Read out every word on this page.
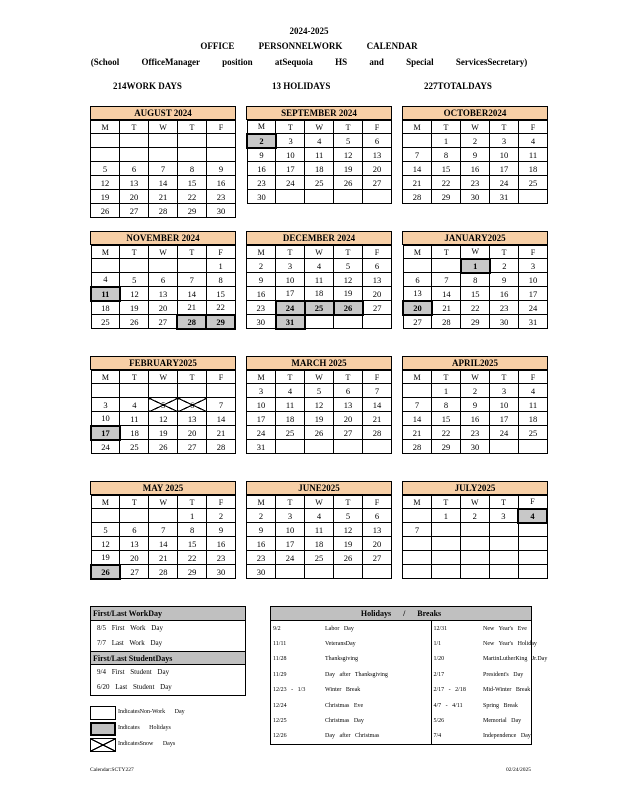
2024-2025
OFFICE PERSONNELWORK CALENDAR
(School OfficeManager position atSequoia HS and Special ServicesSecretary)
214WORK DAYS	13 HOLIDAYS	227TOTALDAYS
AUGUST 2024
M	T	W	T	F

5	6	7	8	9
12	13	14	15	16
19	20	21	22	23
26	27	28	29	30
SEPTEMBER 2024
M	T	W	T	F
2	3	4	5	6
9	10	11	12	13
16	17	18	19	20
23	24	25	26	27
30				
OCTOBER2024
M	T	W	T	F
	1	2	3	4
7	8	9	10	11
14	15	16	17	18
21	22	23	24	25
28	29	30	31	
NOVEMBER 2024
M	T	W	T	F
				1
4	5	6	7	8
11	12	13	14	15
18	19	20	21	22
25	26	27	28	29
DECEMBER 2024
M	T	W	T	F
2	3	4	5	6
9	10	11	12	13
16	17	18	19	20
23	24	25	26	27
30	31			
JANUARY2025
M	T	W	T	F
		1	2	3
6	7	8	9	10
13	14	15	16	17
20	21	22	23	24
27	28	29	30	31
FEBRUARY2025
M	T	W	T	F

3	4	5	6	7
10	11	12	13	14
17	18	19	20	21
24	25	26	27	28
MARCH 2025
M	T	W	T	F
3	4	5	6	7
10	11	12	13	14
17	18	19	20	21
24	25	26	27	28
31				
APRIL2025
M	T	W	T	F
	1	2	3	4
7	8	9	10	11
14	15	16	17	18
21	22	23	24	25
28	29	30		
MAY 2025
M	T	W	T	F
			1	2
5	6	7	8	9
12	13	14	15	16
19	20	21	22	23
26	27	28	29	30
JUNE2025
M	T	W	T	F
2	3	4	5	6
9	10	11	12	13
16	17	18	19	20
23	24	25	26	27
30				
JULY2025
M	T	W	T	F
	1	2	3	4
7				

First/Last WorkDay
8/5 First Work Day
7/7 Last Work Day
First/Last StudentDays
9/4 First Student Day
6/20 Last Student Day
IndicatesNon-Work Day
Indicates Holidays
IndicatesSnow Days
Holidays / Breaks
9/2	Labor Day	12/31	New Year's Eve
11/11	VeteransDay	1/1	New Year's Holiday
11/28	Thanksgiving	1/20	MartinLutherKing Jr.Day
11/29	Day after Thanksgiving	2/17	President's Day
12/23 - 1/3	Winter Break	2/17 - 2/18	Mid-Winter Break
12/24	Christmas Eve	4/7 - 4/11	Spring Break
12/25	Christmas Day	5/26	Memorial Day
12/26	Day after Christmas	7/4	Independence Day
Calendar:SCTY227	02/24/2025
